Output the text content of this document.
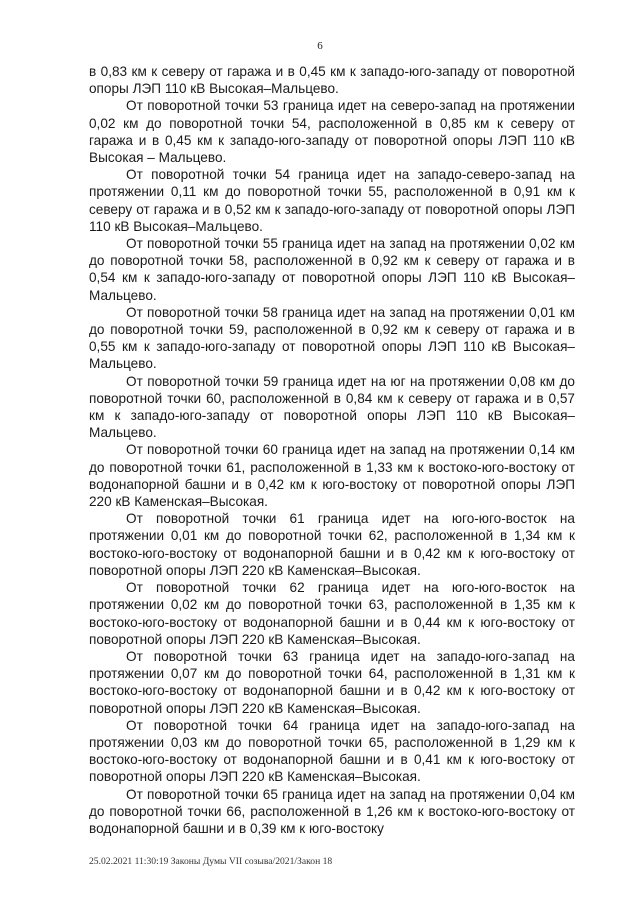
6

в 0,83 км к северу от гаража и в 0,45 км к западо-юго-западу от поворотной опоры ЛЭП 110 кВ Высокая–Мальцево.

От поворотной точки 53 граница идет на северо-запад на протяжении 0,02 км до поворотной точки 54, расположенной в 0,85 км к северу от гаража и в 0,45 км к западо-юго-западу от поворотной опоры ЛЭП 110 кВ Высокая – Мальцево.

От поворотной точки 54 граница идет на западо-северо-запад на протяжении 0,11 км до поворотной точки 55, расположенной в 0,91 км к северу от гаража и в 0,52 км к западо-юго-западу от поворотной опоры ЛЭП 110 кВ Высокая–Мальцево.

От поворотной точки 55 граница идет на запад на протяжении 0,02 км до поворотной точки 58, расположенной в 0,92 км к северу от гаража и в 0,54 км к западо-юго-западу от поворотной опоры ЛЭП 110 кВ Высокая–Мальцево.

От поворотной точки 58 граница идет на запад на протяжении 0,01 км до поворотной точки 59, расположенной в 0,92 км к северу от гаража и в 0,55 км к западо-юго-западу от поворотной опоры ЛЭП 110 кВ Высокая–Мальцево.

От поворотной точки 59 граница идет на юг на протяжении 0,08 км до поворотной точки 60, расположенной в 0,84 км к северу от гаража и в 0,57 км к западо-юго-западу от поворотной опоры ЛЭП 110 кВ Высокая–Мальцево.

От поворотной точки 60 граница идет на запад на протяжении 0,14 км до поворотной точки 61, расположенной в 1,33 км к востоко-юго-востоку от водонапорной башни и в 0,42 км к юго-востоку от поворотной опоры ЛЭП 220 кВ Каменская–Высокая.

От поворотной точки 61 граница идет на юго-юго-восток на протяжении 0,01 км до поворотной точки 62, расположенной в 1,34 км к востоко-юго-востоку от водонапорной башни и в 0,42 км к юго-востоку от поворотной опоры ЛЭП 220 кВ Каменская–Высокая.

От поворотной точки 62 граница идет на юго-юго-восток на протяжении 0,02 км до поворотной точки 63, расположенной в 1,35 км к востоко-юго-востоку от водонапорной башни и в 0,44 км к юго-востоку от поворотной опоры ЛЭП 220 кВ Каменская–Высокая.

От поворотной точки 63 граница идет на западо-юго-запад на протяжении 0,07 км до поворотной точки 64, расположенной в 1,31 км к востоко-юго-востоку от водонапорной башни и в 0,42 км к юго-востоку от поворотной опоры ЛЭП 220 кВ Каменская–Высокая.

От поворотной точки 64 граница идет на западо-юго-запад на протяжении 0,03 км до поворотной точки 65, расположенной в 1,29 км к востоко-юго-востоку от водонапорной башни и в 0,41 км к юго-востоку от поворотной опоры ЛЭП 220 кВ Каменская–Высокая.

От поворотной точки 65 граница идет на запад на протяжении 0,04 км до поворотной точки 66, расположенной в 1,26 км к востоко-юго-востоку от водонапорной башни и в 0,39 км к юго-востоку

25.02.2021 11:30:19 Законы Думы VII созыва/2021/Закон 18
